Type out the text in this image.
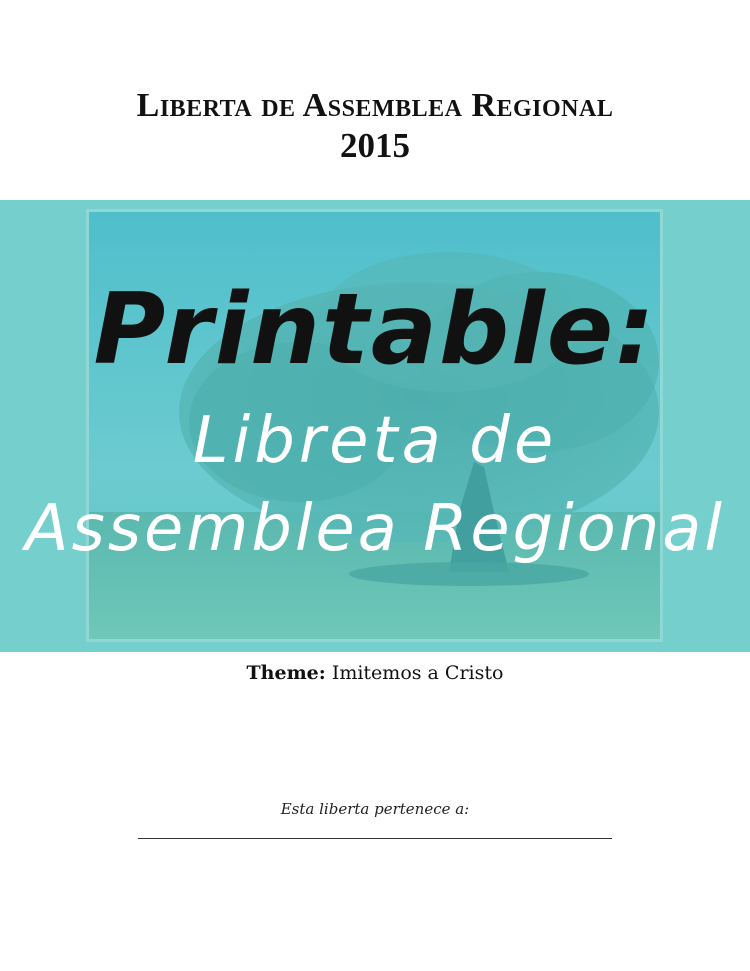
Liberta de Assemblea Regional
2015
Printable:
Libreta de
Assemblea Regional
Theme: Imitemos a Cristo
Esta liberta pertenece a:
